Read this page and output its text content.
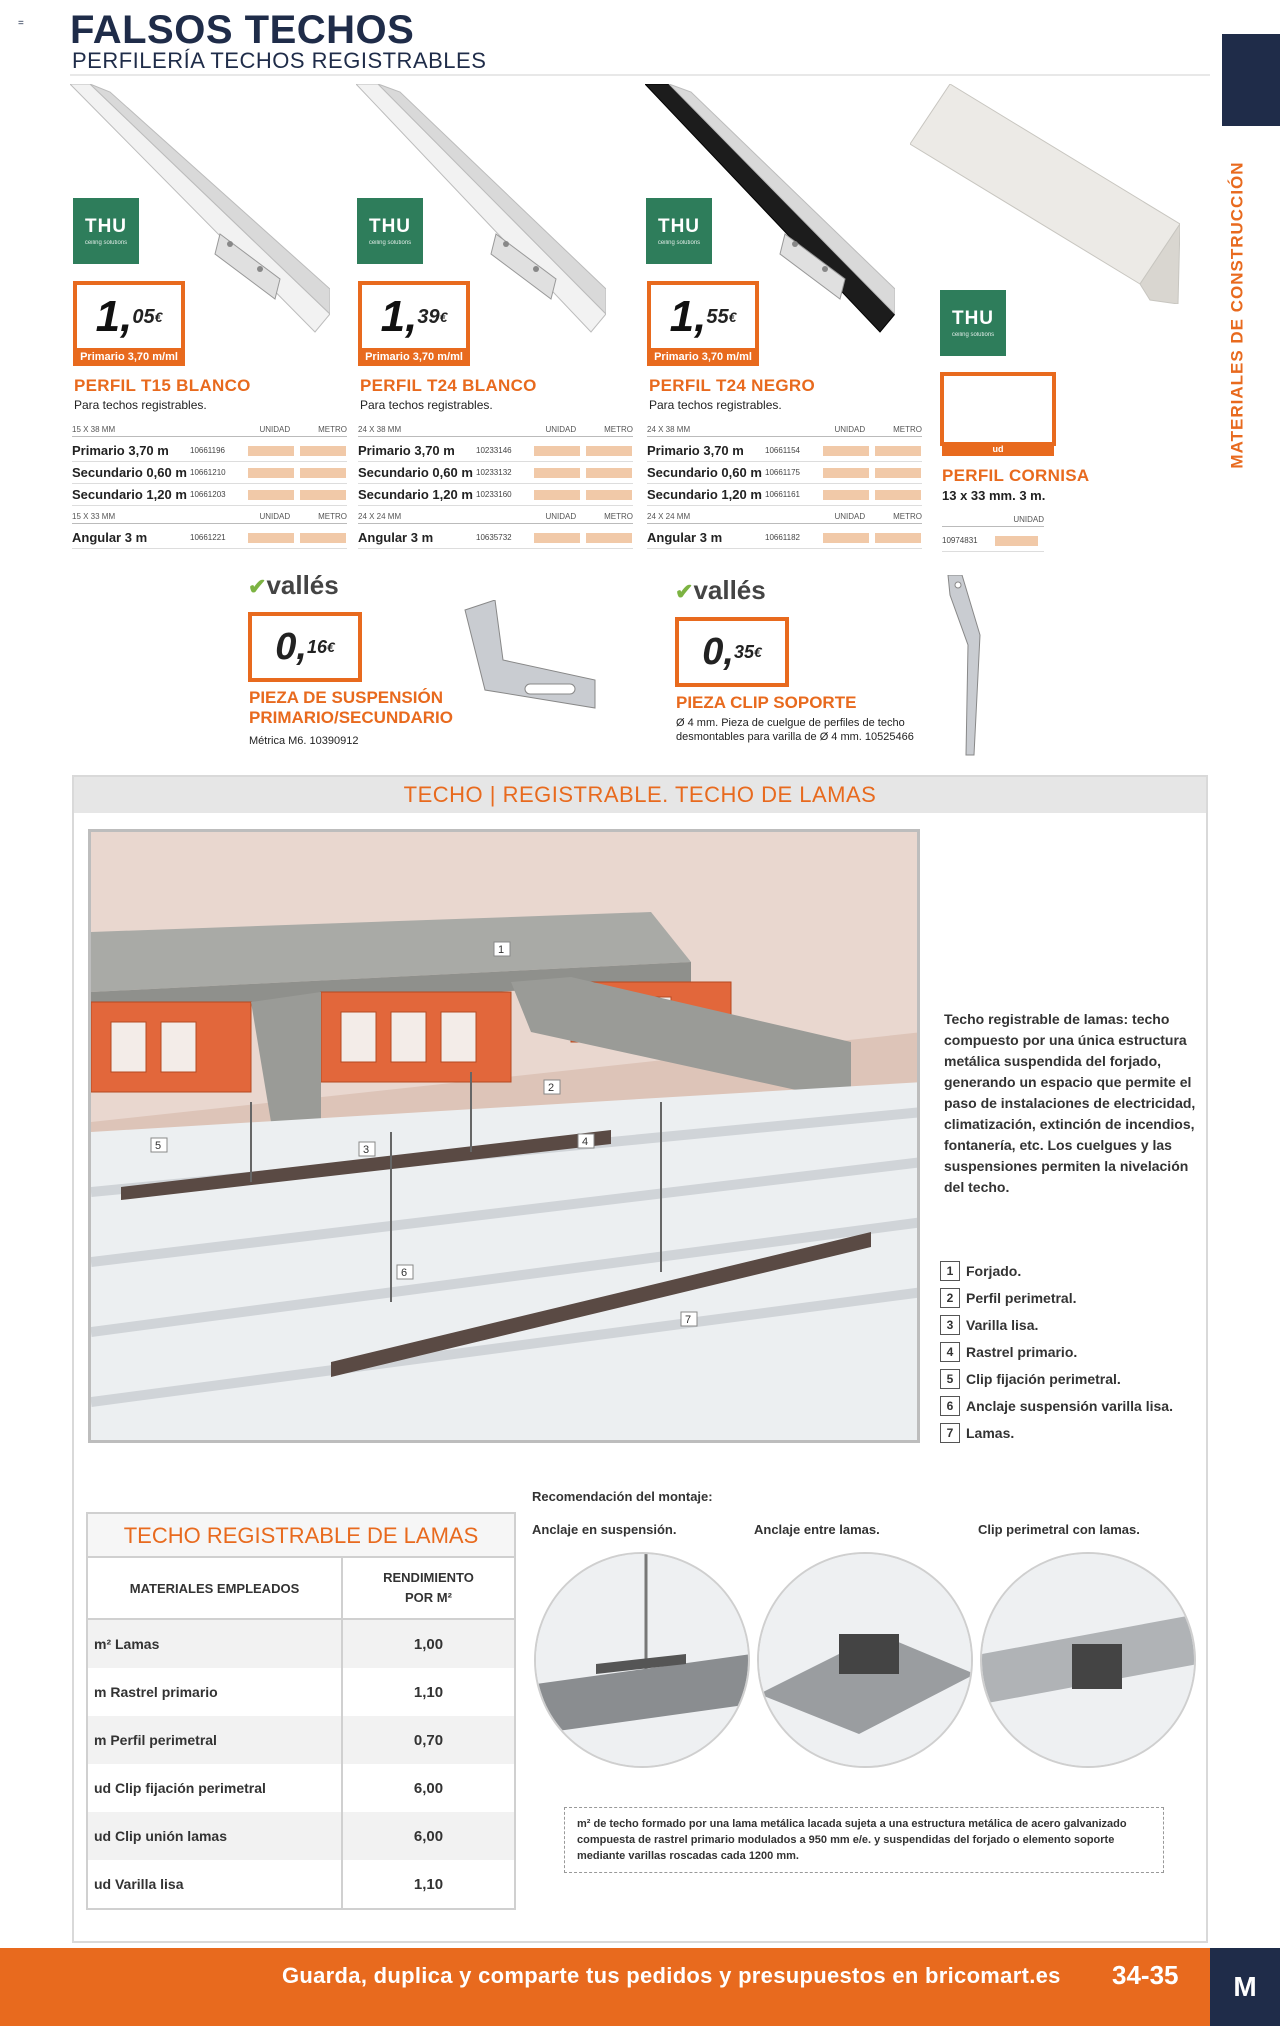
= FALSOS TECHOS
PERFILERÍA TECHOS REGISTRABLES
MATERIALES DE CONSTRUCCIÓN
THU
ceiling solutions
1, 05 €
Primario 3,70 m/ml
PERFIL T15 BLANCO
Para techos registrables.
15 X 38 MM	UNIDAD	METRO
Primario 3,70 m	10661196
Secundario 0,60 m 10661210
Secundario 1,20 m 10661203
15 X 33 MM	UNIDAD	METRO
Angular 3 m	10661221
THU
ceiling solutions
1, 39 €
Primario 3,70 m/ml
PERFIL T24 BLANCO
Para techos registrables.
24 X 38 MM	UNIDAD	METRO
Primario 3,70 m	10233146
Secundario 0,60 m 10233132
Secundario 1,20 m 10233160
24 X 24 MM	UNIDAD	METRO
Angular 3 m	10635732
THU
ceiling solutions
1, 55 €
Primario 3,70 m/ml
PERFIL T24 NEGRO
Para techos registrables.
24 X 38 MM	UNIDAD	METRO
Primario 3,70 m	10661154
Secundario 0,60 m 10661175
Secundario 1,20 m 10661161
24 X 24 MM	UNIDAD	METRO
Angular 3 m	10661182
THU
ceiling solutions
ud
PERFIL CORNISA
13 x 33 mm. 3 m.
UNIDAD
10974831
✔vallés
0, 16 €
PIEZA DE SUSPENSIÓN
PRIMARIO/SECUNDARIO
Métrica M6. 10390912
✔vallés
0, 35 €
PIEZA CLIP SOPORTE
Ø 4 mm. Pieza de cuelgue de perfiles de techo
desmontables para varilla de Ø 4 mm. 10525466
TECHO | REGISTRABLE. TECHO DE LAMAS
1
2
3
4
5
6
7
Techo registrable de lamas: techo compuesto por una única estructura metálica suspendida del forjado, generando un espacio que permite el paso de instalaciones de electricidad, climatización, extinción de incendios, fontanería, etc. Los cuelgues y las suspensiones permiten la nivelación del techo.
1 Forjado.
2 Perfil perimetral.
3 Varilla lisa.
4 Rastrel primario.
5 Clip fijación perimetral.
6 Anclaje suspensión varilla lisa.
7 Lamas.
TECHO REGISTRABLE DE LAMAS
MATERIALES EMPLEADOS
RENDIMIENTO
POR M²
m² Lamas	1,00
m Rastrel primario	1,10
m Perfil perimetral	0,70
ud Clip fijación perimetral	6,00
ud Clip unión lamas	6,00
ud Varilla lisa	1,10
Recomendación del montaje:
Anclaje en suspensión.	Anclaje entre lamas.	Clip perimetral con lamas.
m² de techo formado por una lama metálica lacada sujeta a una estructura metálica de acero galvanizado compuesta de rastrel primario modulados a 950 mm e/e. y suspendidas del forjado o elemento soporte mediante varillas roscadas cada 1200 mm.
Guarda, duplica y comparte tus pedidos y presupuestos en bricomart.es 34-35	M
